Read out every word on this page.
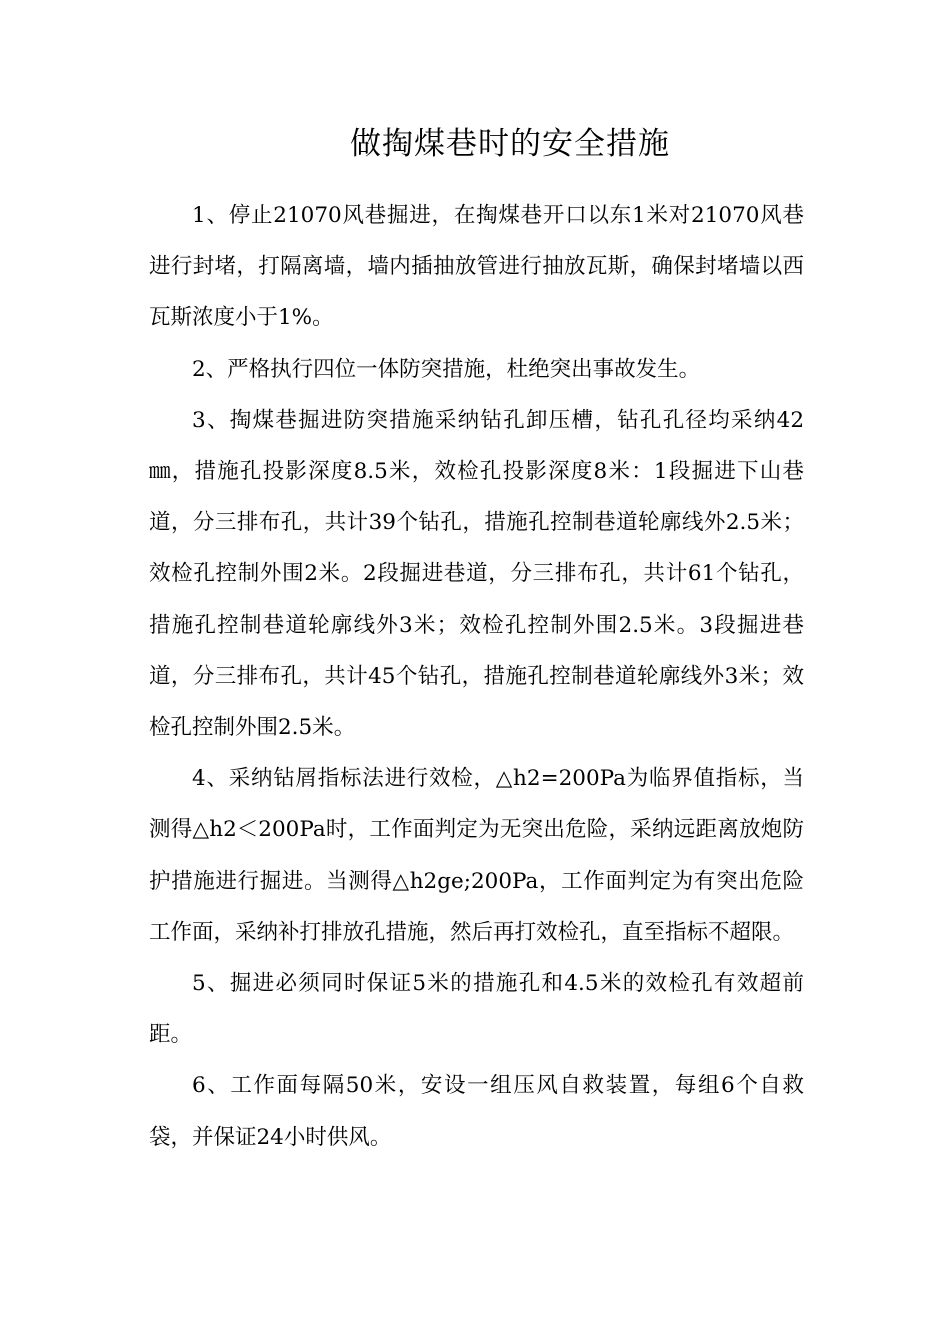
做掏煤巷时的安全措施

1、停止21070风巷掘进，在掏煤巷开口以东1米对21070风巷进行封堵，打隔离墙，墙内插抽放管进行抽放瓦斯，确保封堵墙以西瓦斯浓度小于1%。

2、严格执行四位一体防突措施，杜绝突出事故发生。

3、掏煤巷掘进防突措施采纳钻孔卸压槽，钻孔孔径均采纳42㎜，措施孔投影深度8.5米，效检孔投影深度8米：1段掘进下山巷道，分三排布孔，共计39个钻孔，措施孔控制巷道轮廓线外2.5米；效检孔控制外围2米。2段掘进巷道，分三排布孔，共计61个钻孔，措施孔控制巷道轮廓线外3米；效检孔控制外围2.5米。3段掘进巷道，分三排布孔，共计45个钻孔，措施孔控制巷道轮廓线外3米；效检孔控制外围2.5米。

4、采纳钻屑指标法进行效检，△h2=200Pa为临界值指标，当测得△h2＜200Pa时，工作面判定为无突出危险，采纳远距离放炮防护措施进行掘进。当测得△h2ge;200Pa，工作面判定为有突出危险工作面，采纳补打排放孔措施，然后再打效检孔，直至指标不超限。

5、掘进必须同时保证5米的措施孔和4.5米的效检孔有效超前距。

6、工作面每隔50米，安设一组压风自救装置，每组6个自救袋，并保证24小时供风。
